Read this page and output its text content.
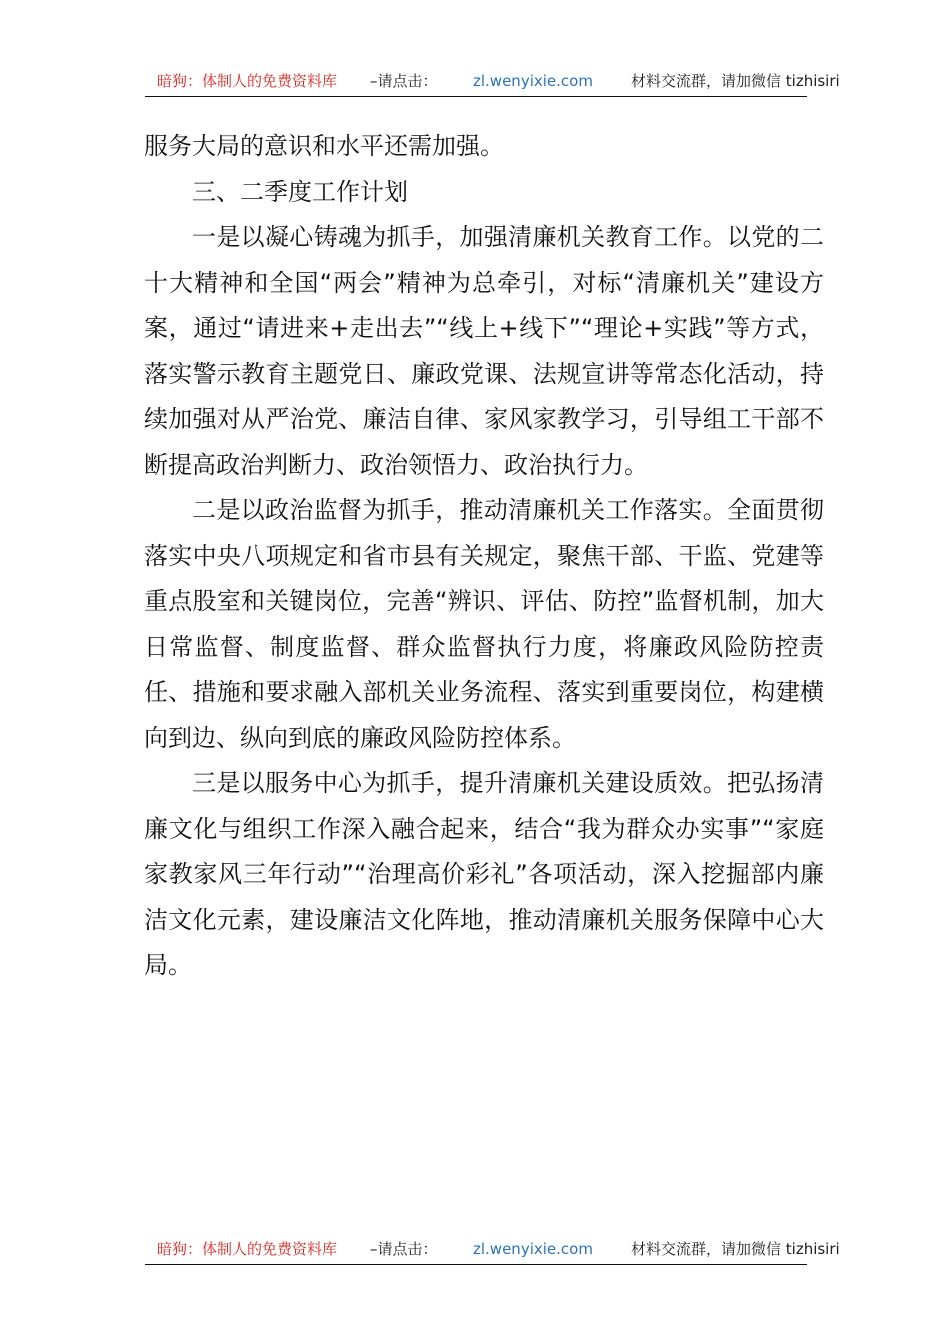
暗狗：体制人的免费资料库 –请点击： zl.wenyixie.com	材料交流群，请加微信 tizhisiri

服务大局的意识和水平还需加强。

三、二季度工作计划

一是以凝心铸魂为抓手，加强清廉机关教育工作。以党的二十大精神和全国“两会”精神为总牵引，对标“清廉机关”建设方案，通过“请进来+走出去”“线上+线下”“理论+实践”等方式，落实警示教育主题党日、廉政党课、法规宣讲等常态化活动，持续加强对从严治党、廉洁自律、家风家教学习，引导组工干部不断提高政治判断力、政治领悟力、政治执行力。

二是以政治监督为抓手，推动清廉机关工作落实。全面贯彻落实中央八项规定和省市县有关规定，聚焦干部、干监、党建等重点股室和关键岗位，完善“辨识、评估、防控”监督机制，加大日常监督、制度监督、群众监督执行力度，将廉政风险防控责任、措施和要求融入部机关业务流程、落实到重要岗位，构建横向到边、纵向到底的廉政风险防控体系。

三是以服务中心为抓手，提升清廉机关建设质效。把弘扬清廉文化与组织工作深入融合起来，结合“我为群众办实事”“家庭家教家风三年行动”“治理高价彩礼”各项活动，深入挖掘部内廉洁文化元素，建设廉洁文化阵地，推动清廉机关服务保障中心大局。

暗狗：体制人的免费资料库 –请点击： zl.wenyixie.com	材料交流群，请加微信 tizhisiri
